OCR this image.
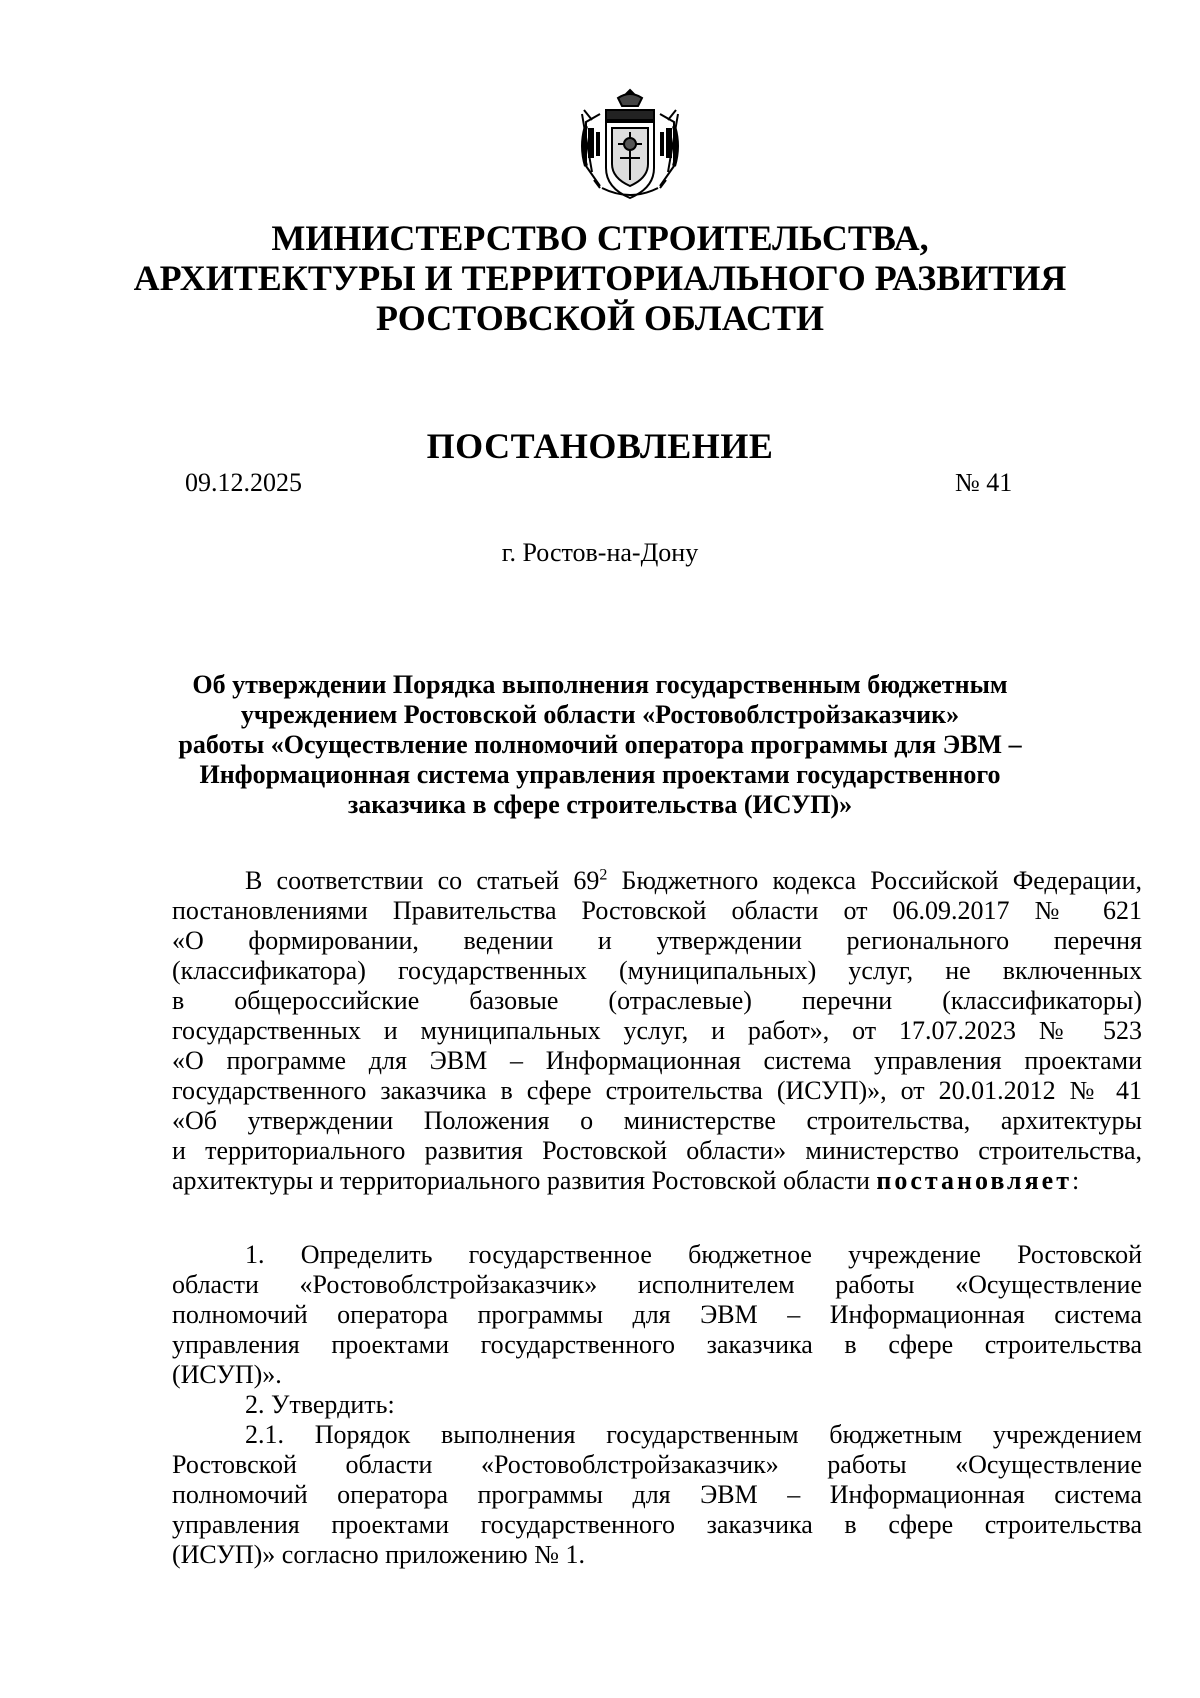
МИНИСТЕРСТВО СТРОИТЕЛЬСТВА,
АРХИТЕКТУРЫ И ТЕРРИТОРИАЛЬНОГО РАЗВИТИЯ
РОСТОВСКОЙ ОБЛАСТИ
ПОСТАНОВЛЕНИЕ
09.12.2025	№ 41
г. Ростов-на-Дону
Об утверждении Порядка выполнения государственным бюджетным
учреждением Ростовской области «Ростовоблстройзаказчик»
работы «Осуществление полномочий оператора программы для ЭВМ –
Информационная система управления проектами государственного
заказчика в сфере строительства (ИСУП)»
В соответствии со статьей $69^2$ Бюджетного кодекса Российской Федерации,
постановлениями Правительства Ростовской области от 06.09.2017 № 621
«О формировании, ведении и утверждении регионального перечня
(классификатора) государственных (муниципальных) услуг, не включенных
в общероссийские базовые (отраслевые) перечни (классификаторы)
государственных и муниципальных услуг, и работ», от 17.07.2023 № 523
«О программе для ЭВМ – Информационная система управления проектами
государственного заказчика в сфере строительства (ИСУП)», от 20.01.2012 № 41
«Об утверждении Положения о министерстве строительства, архитектуры
и территориального развития Ростовской области» министерство строительства,
архитектуры и территориального развития Ростовской области постановляет:
1. Определить государственное бюджетное учреждение Ростовской
области «Ростовоблстройзаказчик» исполнителем работы «Осуществление
полномочий оператора программы для ЭВМ – Информационная система
управления проектами государственного заказчика в сфере строительства
(ИСУП)».
2. Утвердить:
2.1. Порядок выполнения государственным бюджетным учреждением
Ростовской области «Ростовоблстройзаказчик» работы «Осуществление
полномочий оператора программы для ЭВМ – Информационная система
управления проектами государственного заказчика в сфере строительства
(ИСУП)» согласно приложению № 1.
